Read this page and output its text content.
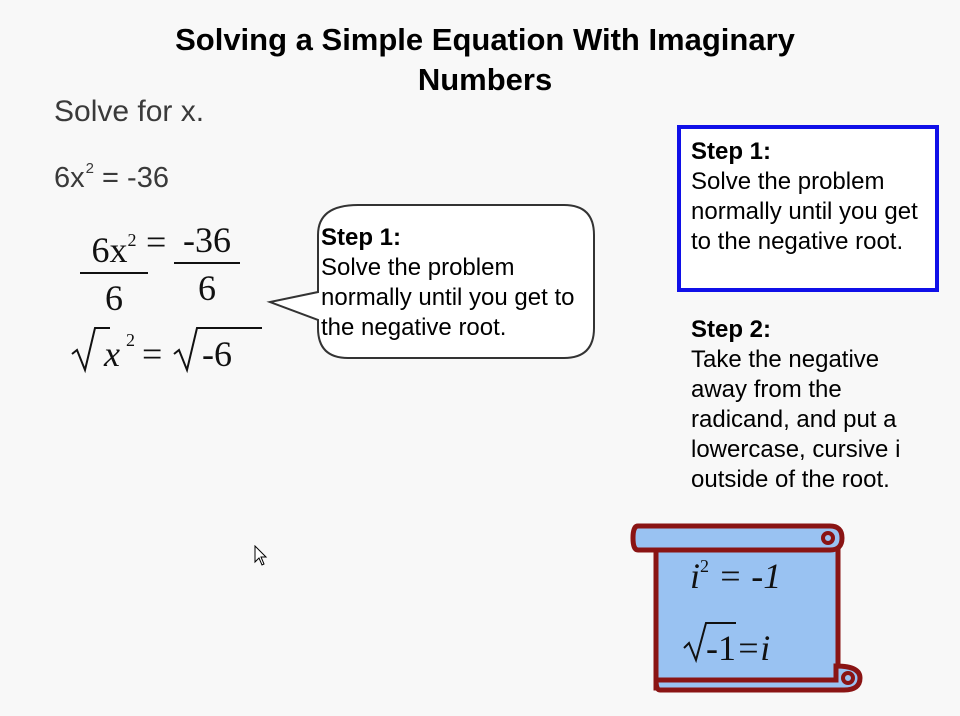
Solving a Simple Equation With Imaginary
Numbers
Solve for x.
$6x^2 = -36$
$6x^2$
6
= -36
6
x 2 = -6
Step 1:
Solve the problem normally until you get to the negative root.
Step 1:
Solve the problem normally until you get to the negative root.
Step 2:
Take the negative away from the radicand, and put a lowercase, cursive i outside of the root.
$i^2 = -1$
-1=i
